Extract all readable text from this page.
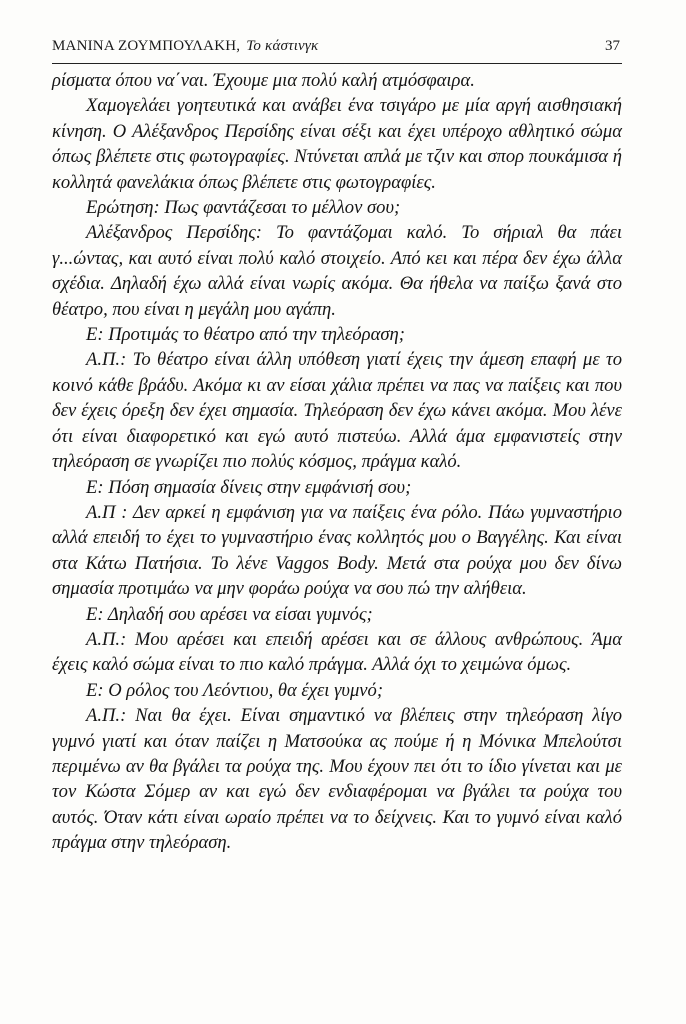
ΜΑΝΙΝΑ ΖΟΥΜΠΟΥΛΑΚΗ, Το κάστινγκ	37

ρίσματα όπου να΄ναι. Έχουμε μια πολύ καλή ατμόσφαιρα.

Χαμογελάει γοητευτικά και ανάβει ένα τσιγάρο με μία αργή αισθησιακή κίνηση. Ο Αλέξανδρος Περσίδης είναι σέξι και έχει υπέροχο αθλητικό σώμα όπως βλέπετε στις φωτογραφίες. Ντύνεται απλά με τζιν και σπορ πουκάμισα ή κολλητά φανελάκια όπως βλέπετε στις φωτογραφίες.

Ερώτηση: Πως φαντάζεσαι το μέλλον σου;

Αλέξανδρος Περσίδης: Το φαντάζομαι καλό. Το σήριαλ θα πάει γ...ώντας, και αυτό είναι πολύ καλό στοιχείο. Από κει και πέρα δεν έχω άλλα σχέδια. Δηλαδή έχω αλλά είναι νωρίς ακόμα. Θα ήθελα να παίξω ξανά στο θέατρο, που είναι η μεγάλη μου αγάπη.

Ε: Προτιμάς το θέατρο από την τηλεόραση;

Α.Π.: Το θέατρο είναι άλλη υπόθεση γιατί έχεις την άμεση επαφή με το κοινό κάθε βράδυ. Ακόμα κι αν είσαι χάλια πρέπει να πας να παίξεις και που δεν έχεις όρεξη δεν έχει σημασία. Τηλεόραση δεν έχω κάνει ακόμα. Μου λένε ότι είναι διαφορετικό και εγώ αυτό πιστεύω. Αλλά άμα εμφανιστείς στην τηλεόραση σε γνωρίζει πιο πολύς κόσμος, πράγμα καλό.

Ε: Πόση σημασία δίνεις στην εμφάνισή σου;

Α.Π : Δεν αρκεί η εμφάνιση για να παίξεις ένα ρόλο. Πάω γυμναστήριο αλλά επειδή το έχει το γυμναστήριο ένας κολλητός μου ο Βαγγέλης. Και είναι στα Κάτω Πατήσια. Το λένε Vaggos Body. Μετά στα ρούχα μου δεν δίνω σημασία προτιμάω να μην φοράω ρούχα να σου πώ την αλήθεια.

Ε: Δηλαδή σου αρέσει να είσαι γυμνός;

Α.Π.: Μου αρέσει και επειδή αρέσει και σε άλλους ανθρώπους. Άμα έχεις καλό σώμα είναι το πιο καλό πράγμα. Αλλά όχι το χειμώνα όμως.

Ε: Ο ρόλος του Λεόντιου, θα έχει γυμνό;

Α.Π.: Ναι θα έχει. Είναι σημαντικό να βλέπεις στην τηλεόραση λίγο γυμνό γιατί και όταν παίζει η Ματσούκα ας πούμε ή η Μόνικα Μπελούτσι περιμένω αν θα βγάλει τα ρούχα της. Μου έχουν πει ότι το ίδιο γίνεται και με τον Κώστα Σόμερ αν και εγώ δεν ενδιαφέρομαι να βγάλει τα ρούχα του αυτός. Όταν κάτι είναι ωραίο πρέπει να το δείχνεις. Και το γυμνό είναι καλό πράγμα στην τηλεόραση.
